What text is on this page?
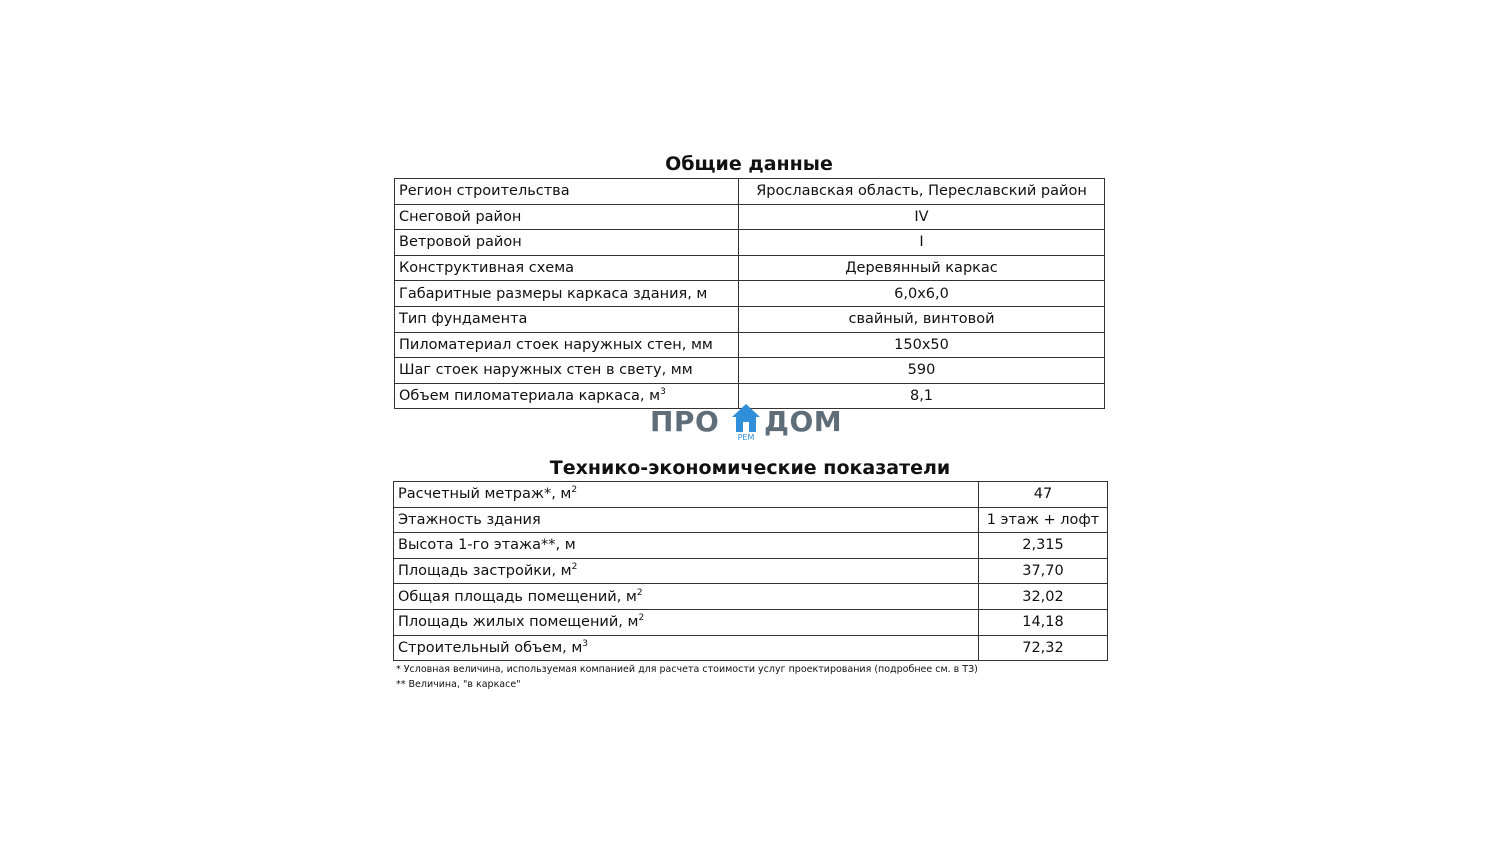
Общие данные
Регион строительства	Ярославская область, Переславский район
Снеговой район	IV
Ветровой район	I
Конструктивная схема	Деревянный каркас
Габаритные размеры каркаса здания, м	6,0х6,0
Тип фундамента	свайный, винтовой
Пиломатериал стоек наружных стен, мм	150х50
Шаг стоек наружных стен в свету, мм	590
Объем пиломатериала каркаса, $м^3$	8,1
ПРО	РЕМ ДОМ
Технико-экономические показатели
Расчетный метраж*, $м^2$	47
Этажность здания	1 этаж + лофт
Высота 1-го этажа**, м	2,315
Площадь застройки, $м^2$	37,70
Общая площадь помещений, $м^2$	32,02
Площадь жилых помещений, $м^2$	14,18
Строительный объем, $м^3$	72,32
* Условная величина, используемая компанией для расчета стоимости услуг проектирования (подробнее см. в ТЗ)
** Величина, "в каркасе"
